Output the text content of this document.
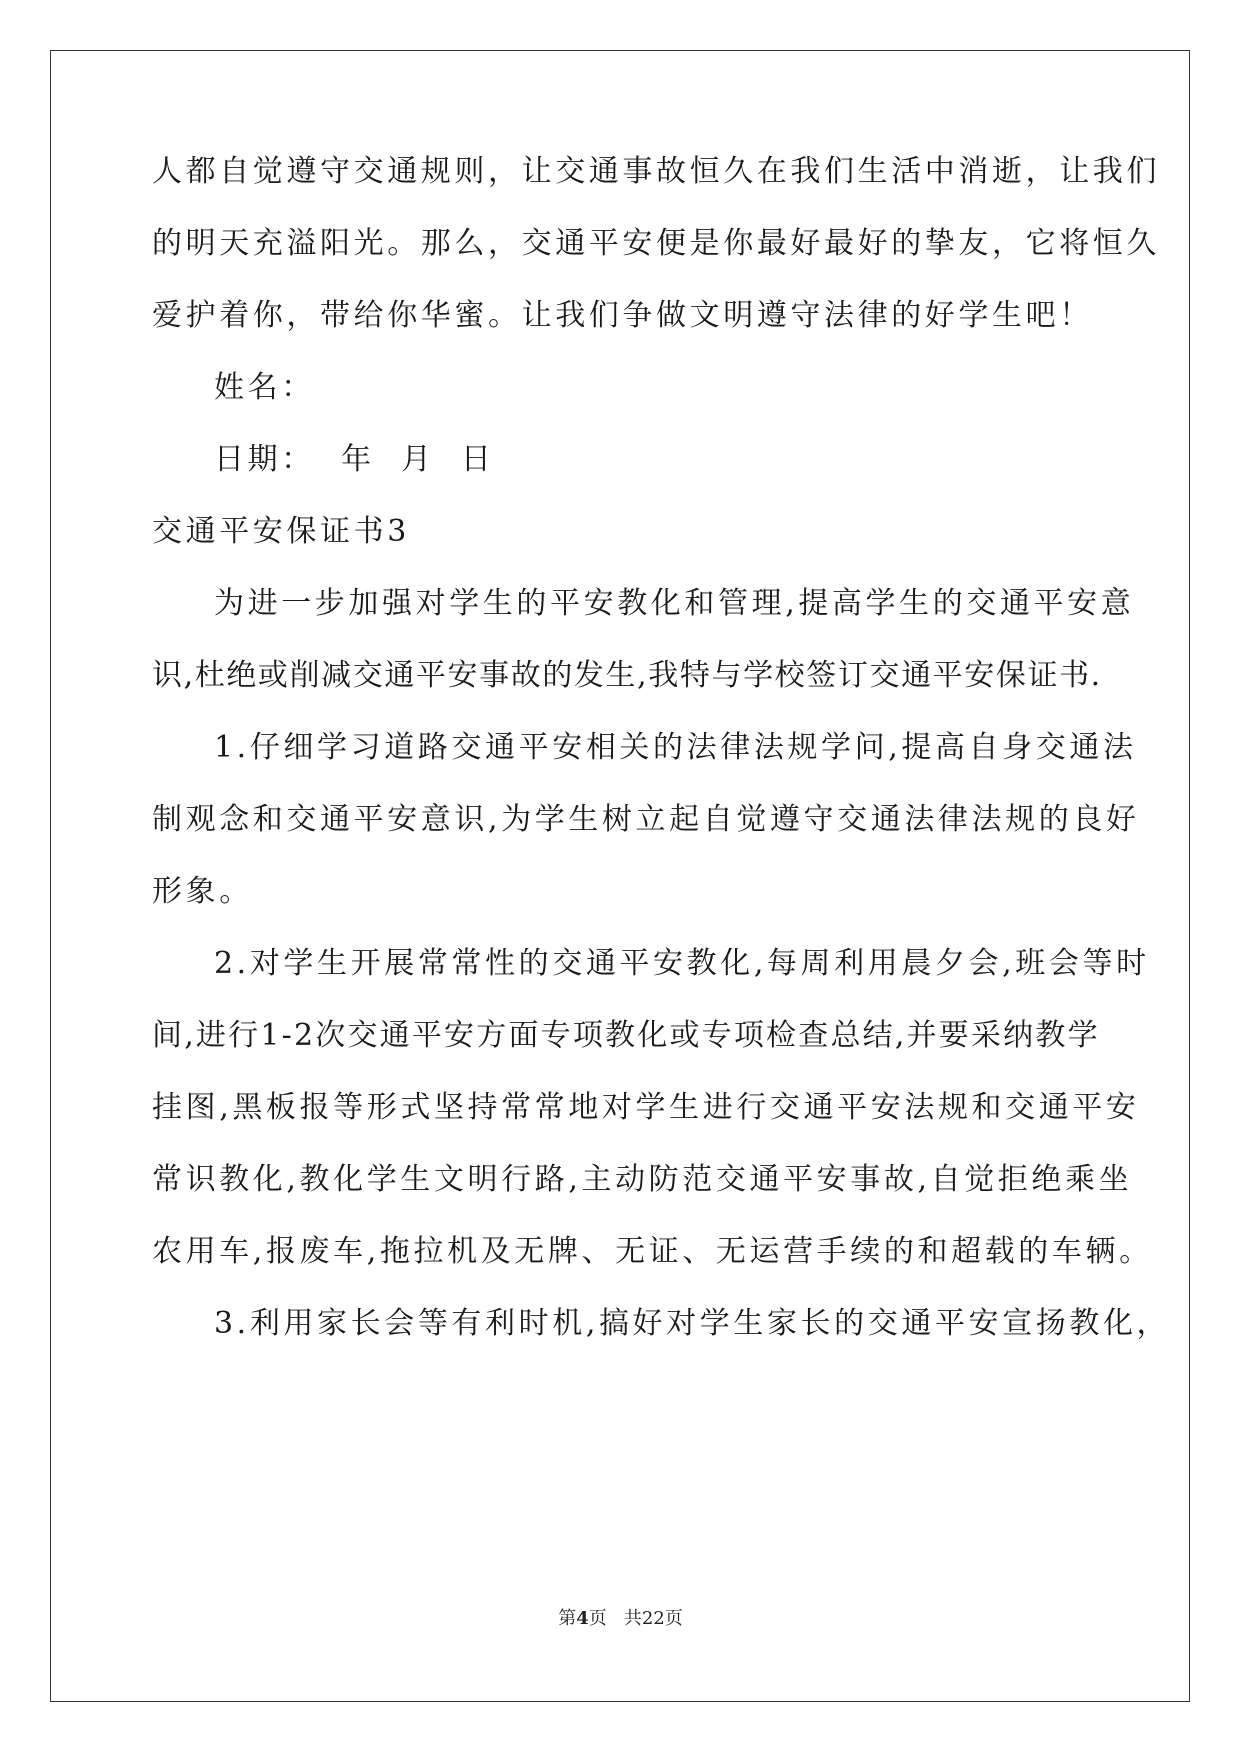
人都自觉遵守交通规则，让交通事故恒久在我们生活中消逝，让我们
的明天充溢阳光。那么，交通平安便是你最好最好的挚友，它将恒久
爱护着你，带给你华蜜。让我们争做文明遵守法律的好学生吧！
姓名：
日期：  年  月  日
交通平安保证书3
为进一步加强对学生的平安教化和管理,提高学生的交通平安意
识,杜绝或削减交通平安事故的发生,我特与学校签订交通平安保证书.
1.仔细学习道路交通平安相关的法律法规学问,提高自身交通法
制观念和交通平安意识,为学生树立起自觉遵守交通法律法规的良好
形象。
2.对学生开展常常性的交通平安教化,每周利用晨夕会,班会等时
间,进行1-2次交通平安方面专项教化或专项检查总结,并要采纳教学
挂图,黑板报等形式坚持常常地对学生进行交通平安法规和交通平安
常识教化,教化学生文明行路,主动防范交通平安事故,自觉拒绝乘坐
农用车,报废车,拖拉机及无牌、无证、无运营手续的和超载的车辆。
3.利用家长会等有利时机,搞好对学生家长的交通平安宣扬教化，
第4页 共22页
